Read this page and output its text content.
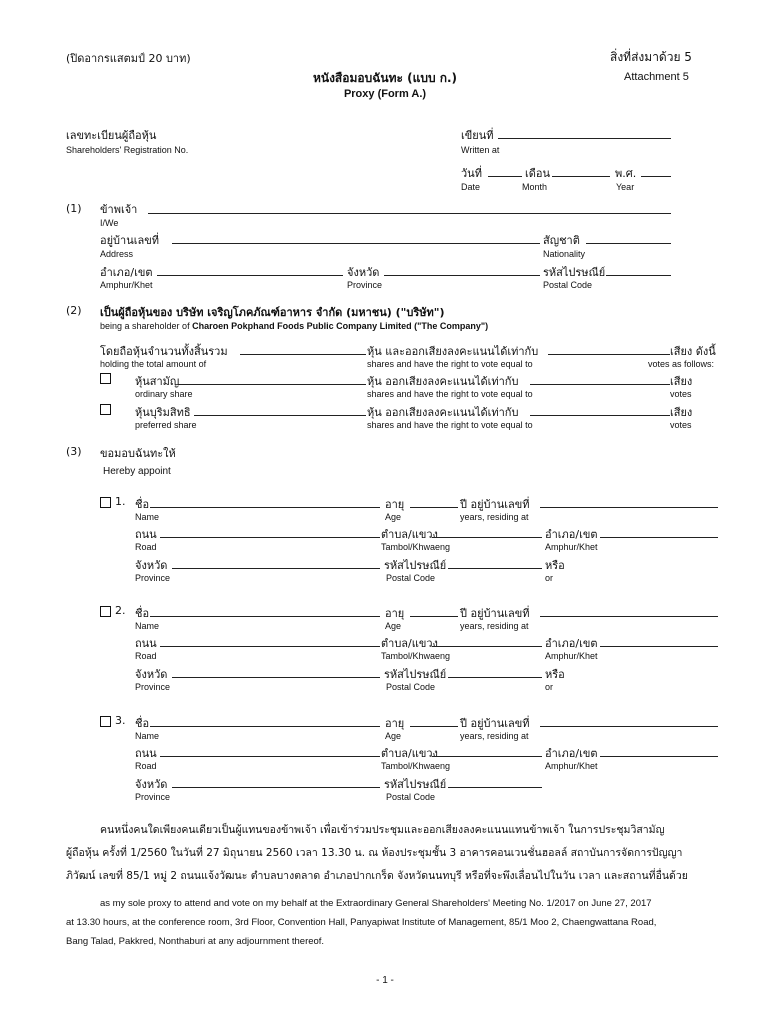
(ปิดอากรแสตมป์ 20 บาท)	สิ่งที่ส่งมาด้วย 5
Attachment 5
หนังสือมอบฉันทะ (แบบ ก.)
Proxy (Form A.)
เลขทะเบียนผู้ถือหุ้น
Shareholders' Registration No.
เขียนที่
Written at
วันที่	เดือน	พ.ศ.
Date	Month	Year
(1) ข้าพเจ้า
I/We
อยู่บ้านเลขที่	สัญชาติ
Address	Nationality
อำเภอ/เขต	จังหวัด	รหัสไปรษณีย์
Amphur/Khet	Province	Postal Code
(2) เป็นผู้ถือหุ้นของ บริษัท เจริญโภคภัณฑ์อาหาร จำกัด (มหาชน) ("บริษัท")
being a shareholder of Charoen Pokphand Foods Public Company Limited ("The Company")
โดยถือหุ้นจำนวนทั้งสิ้นรวม	หุ้น และออกเสียงลงคะแนนได้เท่ากับ	เสียง ดังนี้
holding the total amount of	shares and have the right to vote equal to	votes as follows:
หุ้นสามัญ	หุ้น ออกเสียงลงคะแนนได้เท่ากับ	เสียง
ordinary share	shares and have the right to vote equal to	votes
หุ้นบุริมสิทธิ	หุ้น ออกเสียงลงคะแนนได้เท่ากับ	เสียง
preferred share	shares and have the right to vote equal to	votes
(3) ขอมอบฉันทะให้
Hereby appoint
1. ชื่อ	อายุ	ปี อยู่บ้านเลขที่
Name	Age	years, residing at
ถนน	ตำบล/แขวง	อำเภอ/เขต
Road	Tambol/Khwaeng	Amphur/Khet
จังหวัด	รหัสไปรษณีย์	หรือ
Province	Postal Code	or
2. ชื่อ	อายุ	ปี อยู่บ้านเลขที่
Name	Age	years, residing at
ถนน	ตำบล/แขวง	อำเภอ/เขต
Road	Tambol/Khwaeng	Amphur/Khet
จังหวัด	รหัสไปรษณีย์	หรือ
Province	Postal Code	or
3. ชื่อ	อายุ	ปี อยู่บ้านเลขที่
Name	Age	years, residing at
ถนน	ตำบล/แขวง	อำเภอ/เขต
Road	Tambol/Khwaeng	Amphur/Khet
จังหวัด	รหัสไปรษณีย์
Province	Postal Code
คนหนึ่งคนใดเพียงคนเดียวเป็นผู้แทนของข้าพเจ้า เพื่อเข้าร่วมประชุมและออกเสียงลงคะแนนแทนข้าพเจ้า ในการประชุมวิสามัญ
ผู้ถือหุ้น ครั้งที่ 1/2560 ในวันที่ 27 มิถุนายน 2560 เวลา 13.30 น. ณ ห้องประชุมชั้น 3 อาคารคอนเวนชั่นฮอลล์ สถาบันการจัดการปัญญา
ภิวัฒน์ เลขที่ 85/1 หมู่ 2 ถนนแจ้งวัฒนะ ตำบลบางตลาด อำเภอปากเกร็ด จังหวัดนนทบุรี หรือที่จะพึงเลื่อนไปในวัน เวลา และสถานที่อื่นด้วย
as my sole proxy to attend and vote on my behalf at the Extraordinary General Shareholders' Meeting No. 1/2017 on June 27, 2017
at 13.30 hours, at the conference room, 3rd Floor, Convention Hall, Panyapiwat Institute of Management, 85/1 Moo 2, Chaengwattana Road,
Bang Talad, Pakkred, Nonthaburi at any adjournment thereof.
- 1 -
